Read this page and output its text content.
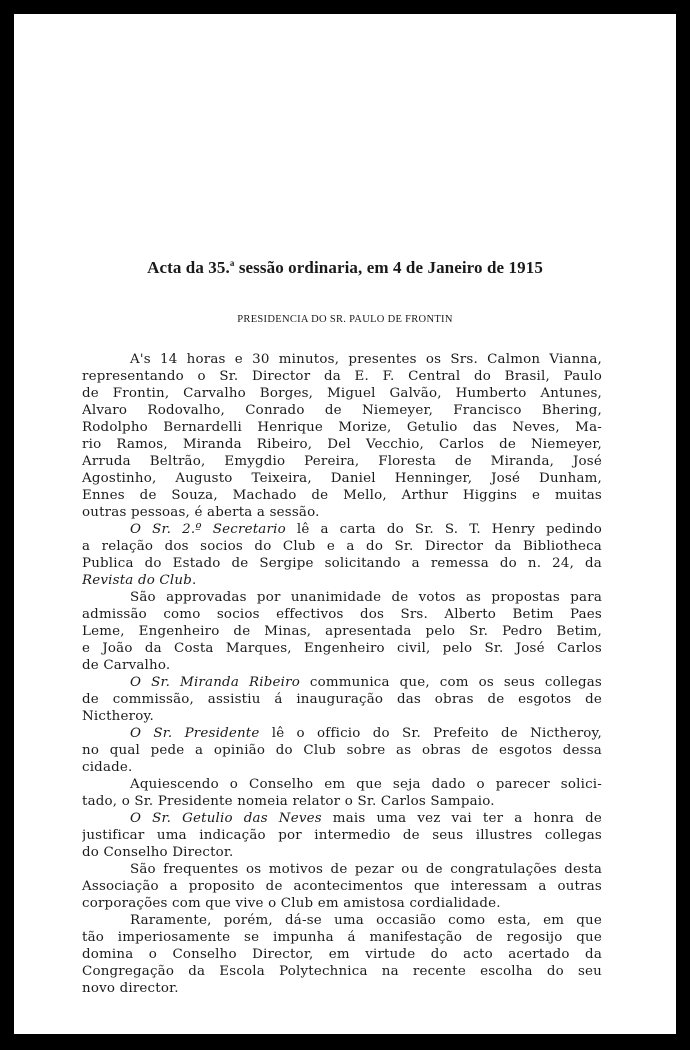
Acta da 35.$^a$ sessão ordinaria, em 4 de Janeiro de 1915
PRESIDENCIA DO SR. PAULO DE FRONTIN
A's 14 horas e 30 minutos, presentes os Srs. Calmon Vianna,
representando o Sr. Director da E. F. Central do Brasil, Paulo
de Frontin, Carvalho Borges, Miguel Galvão, Humberto Antunes,
Alvaro Rodovalho, Conrado de Niemeyer, Francisco Bhering,
Rodolpho Bernardelli Henrique Morize, Getulio das Neves, Ma-
rio Ramos, Miranda Ribeiro, Del Vecchio, Carlos de Niemeyer,
Arruda Beltrão, Emygdio Pereira, Floresta de Miranda, José
Agostinho, Augusto Teixeira, Daniel Henninger, José Dunham,
Ennes de Souza, Machado de Mello, Arthur Higgins e muitas
outras pessoas, é aberta a sessão.
O Sr. 2.º Secretario lê a carta do Sr. S. T. Henry pedindo
a relação dos socios do Club e a do Sr. Director da Bibliotheca
Publica do Estado de Sergipe solicitando a remessa do n. 24, da
Revista do Club.
São approvadas por unanimidade de votos as propostas para
admissão como socios effectivos dos Srs. Alberto Betim Paes
Leme, Engenheiro de Minas, apresentada pelo Sr. Pedro Betim,
e João da Costa Marques, Engenheiro civil, pelo Sr. José Carlos
de Carvalho.
O Sr. Miranda Ribeiro communica que, com os seus collegas
de commissão, assistiu á inauguração das obras de esgotos de
Nictheroy.
O Sr. Presidente lê o officio do Sr. Prefeito de Nictheroy,
no qual pede a opinião do Club sobre as obras de esgotos dessa
cidade.
Aquiescendo o Conselho em que seja dado o parecer solici-
tado, o Sr. Presidente nomeia relator o Sr. Carlos Sampaio.
O Sr. Getulio das Neves mais uma vez vai ter a honra de
justificar uma indicação por intermedio de seus illustres collegas
do Conselho Director.
São frequentes os motivos de pezar ou de congratulações desta
Associação a proposito de acontecimentos que interessam a outras
corporações com que vive o Club em amistosa cordialidade.
Raramente, porém, dá-se uma occasião como esta, em que
tão imperiosamente se impunha á manifestação de regosijo que
domina o Conselho Director, em virtude do acto acertado da
Congregação da Escola Polytechnica na recente escolha do seu
novo director.
